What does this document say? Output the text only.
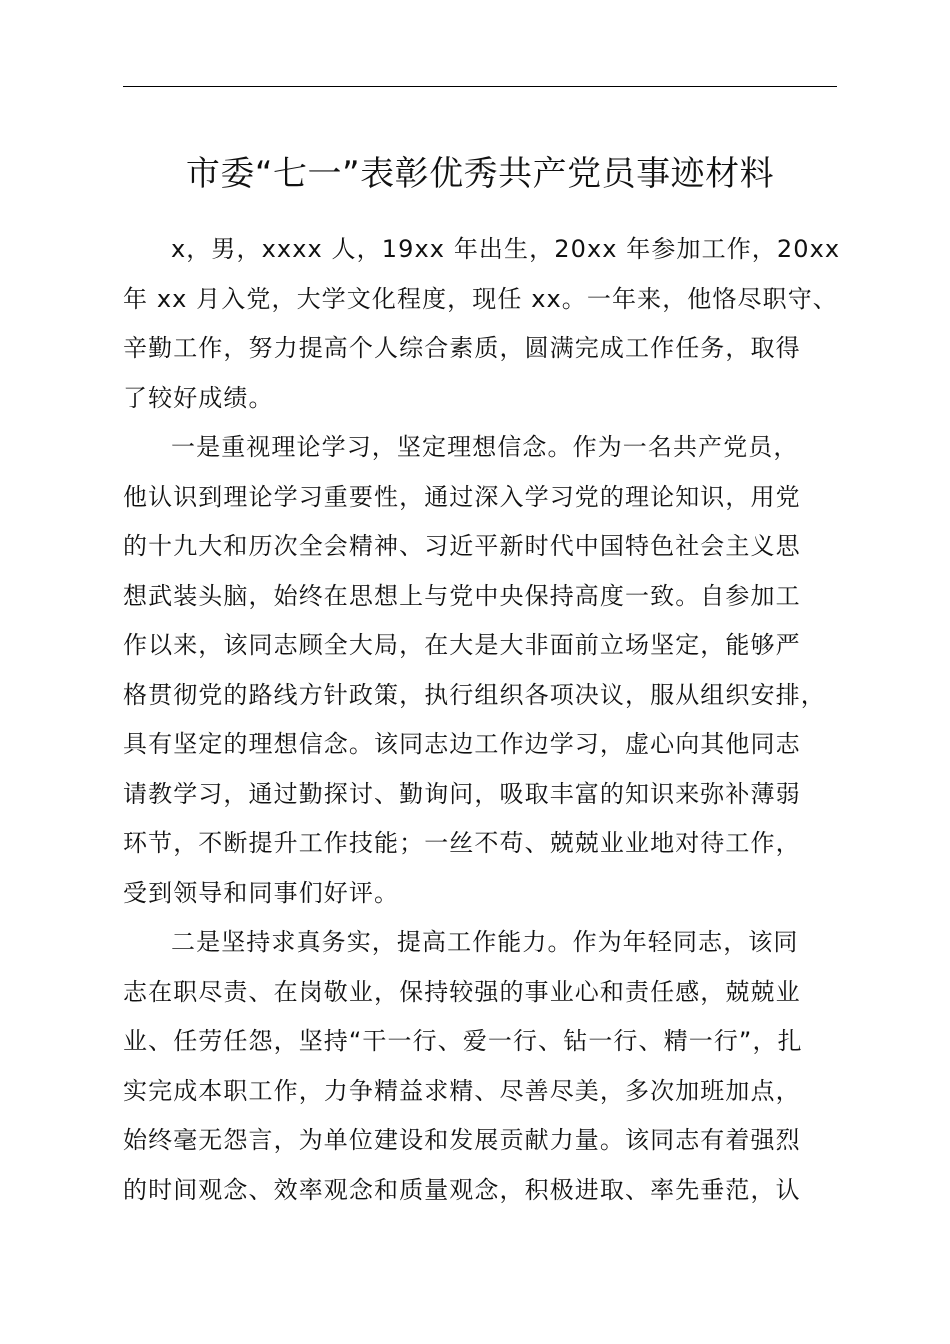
市委“七一”表彰优秀共产党员事迹材料

x，男，xxxx 人，19xx 年出生，20xx 年参加工作，20xx
年 xx 月入党，大学文化程度，现任 xx。一年来，他恪尽职守、
辛勤工作，努力提高个人综合素质，圆满完成工作任务，取得
了较好成绩。

一是重视理论学习，坚定理想信念。作为一名共产党员，
他认识到理论学习重要性，通过深入学习党的理论知识，用党
的十九大和历次全会精神、习近平新时代中国特色社会主义思
想武装头脑，始终在思想上与党中央保持高度一致。自参加工
作以来，该同志顾全大局，在大是大非面前立场坚定，能够严
格贯彻党的路线方针政策，执行组织各项决议，服从组织安排，
具有坚定的理想信念。该同志边工作边学习，虚心向其他同志
请教学习，通过勤探讨、勤询问，吸取丰富的知识来弥补薄弱
环节，不断提升工作技能；一丝不苟、兢兢业业地对待工作，
受到领导和同事们好评。

二是坚持求真务实，提高工作能力。作为年轻同志，该同
志在职尽责、在岗敬业，保持较强的事业心和责任感，兢兢业
业、任劳任怨，坚持“干一行、爱一行、钻一行、精一行”，扎
实完成本职工作，力争精益求精、尽善尽美，多次加班加点，
始终毫无怨言，为单位建设和发展贡献力量。该同志有着强烈
的时间观念、效率观念和质量观念，积极进取、率先垂范，认
